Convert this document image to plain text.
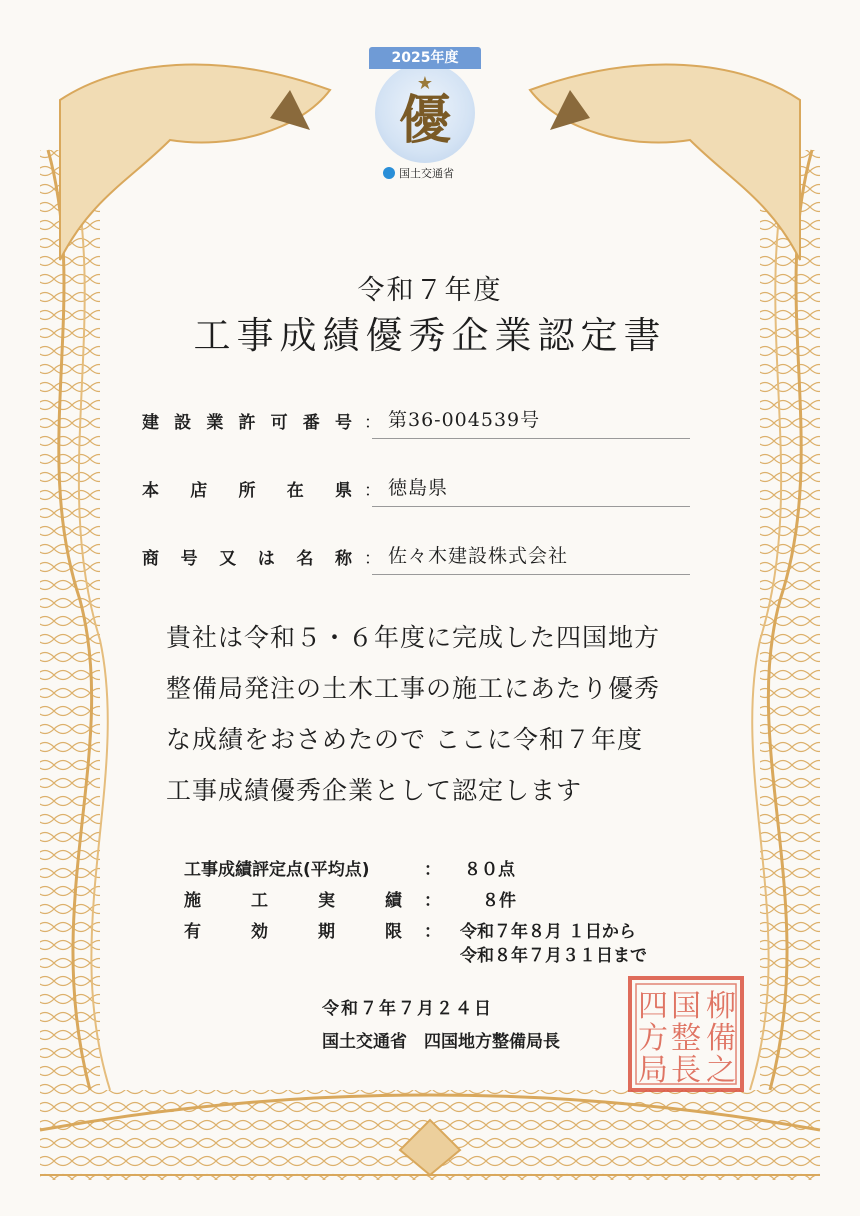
2025年度
★
優
国土交通省
令和７年度
工事成績優秀企業認定書
建 設 業 許 可 番 号 ： 第36-004539号
本 店 所 在 県 ： 徳島県
商 号 又 は 名 称 ： 佐々木建設株式会社
貴社は令和５・６年度に完成した四国地方
整備局発注の土木工事の施工にあたり優秀
な成績をおさめたので ここに令和７年度
工事成績優秀企業として認定します
工事成績評定点(平均点)	： ８０点
施	工	実	績 ： ８件
有	効	期	限 ： 令和７年８月 １日から
令和８年７月３１日まで
令和７年７月２４日
国土交通省　四国地方整備局長
柳
備
之
国
整
長
四
方
局
